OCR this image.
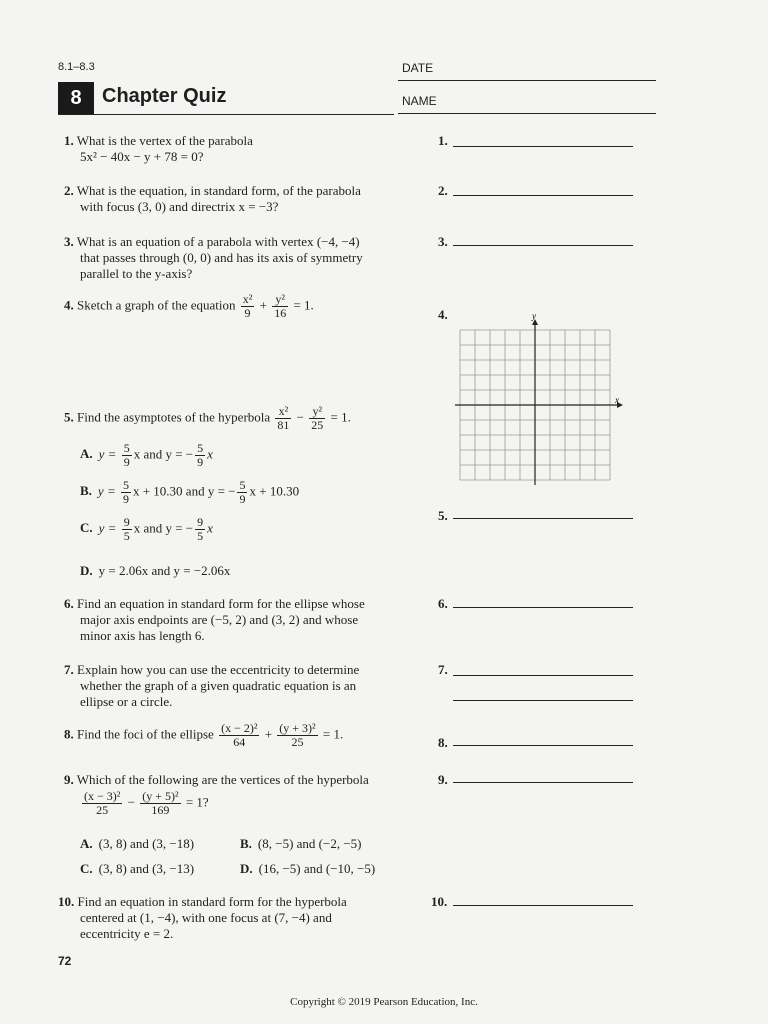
8.1–8.3	DATE
8	Chapter Quiz	NAME
1. What is the vertex of the parabola
5x² − 40x − y + 78 = 0?
1.
2. What is the equation, in standard form, of the parabola
with focus (3, 0) and directrix x = −3?
2.
3. What is an equation of a parabola with vertex (−4, −4)
that passes through (0, 0) and has its axis of symmetry
parallel to the y-axis?
3.
4. Sketch a graph of the equation $\frac{\text{x²}}{9} + \frac{\text{y²}}{16} = 1$.
4.	y
x
5. Find the asymptotes of the hyperbola $\frac{\text{x²}}{81} - \frac{\text{y²}}{25} = 1$.
A. $y = \frac{5}{9}$ x and y = − $\frac{5}{9}$ x
B. $y = \frac{5}{9}$ x + 10.30 and y = − $\frac{5}{9}$ x + 10.30
C. $y = \frac{9}{5}$ x and y = − $\frac{9}{5}$ x
D. y = 2.06x and y = −2.06x
5.
6. Find an equation in standard form for the ellipse whose
major axis endpoints are (−5, 2) and (3, 2) and whose
minor axis has length 6.
6.
7. Explain how you can use the eccentricity to determine
whether the graph of a given quadratic equation is an
ellipse or a circle.
7.
8. Find the foci of the ellipse $\frac{\text{(x − 2)²}}{64} + \frac{\text{(y + 3)²}}{25} = 1$.
8.
9. Which of the following are the vertices of the hyperbola
$\frac{\text{(x − 3)²}}{25} - \frac{\text{(y + 5)²}}{169} = 1$?
9.
A. (3, 8) and (3, −18)	B. (8, −5) and (−2, −5)
C. (3, 8) and (3, −13)	D. (16, −5) and (−10, −5)
10. Find an equation in standard form for the hyperbola
centered at (1, −4), with one focus at (7, −4) and
eccentricity e = 2.
10.
72
Copyright © 2019 Pearson Education, Inc.
